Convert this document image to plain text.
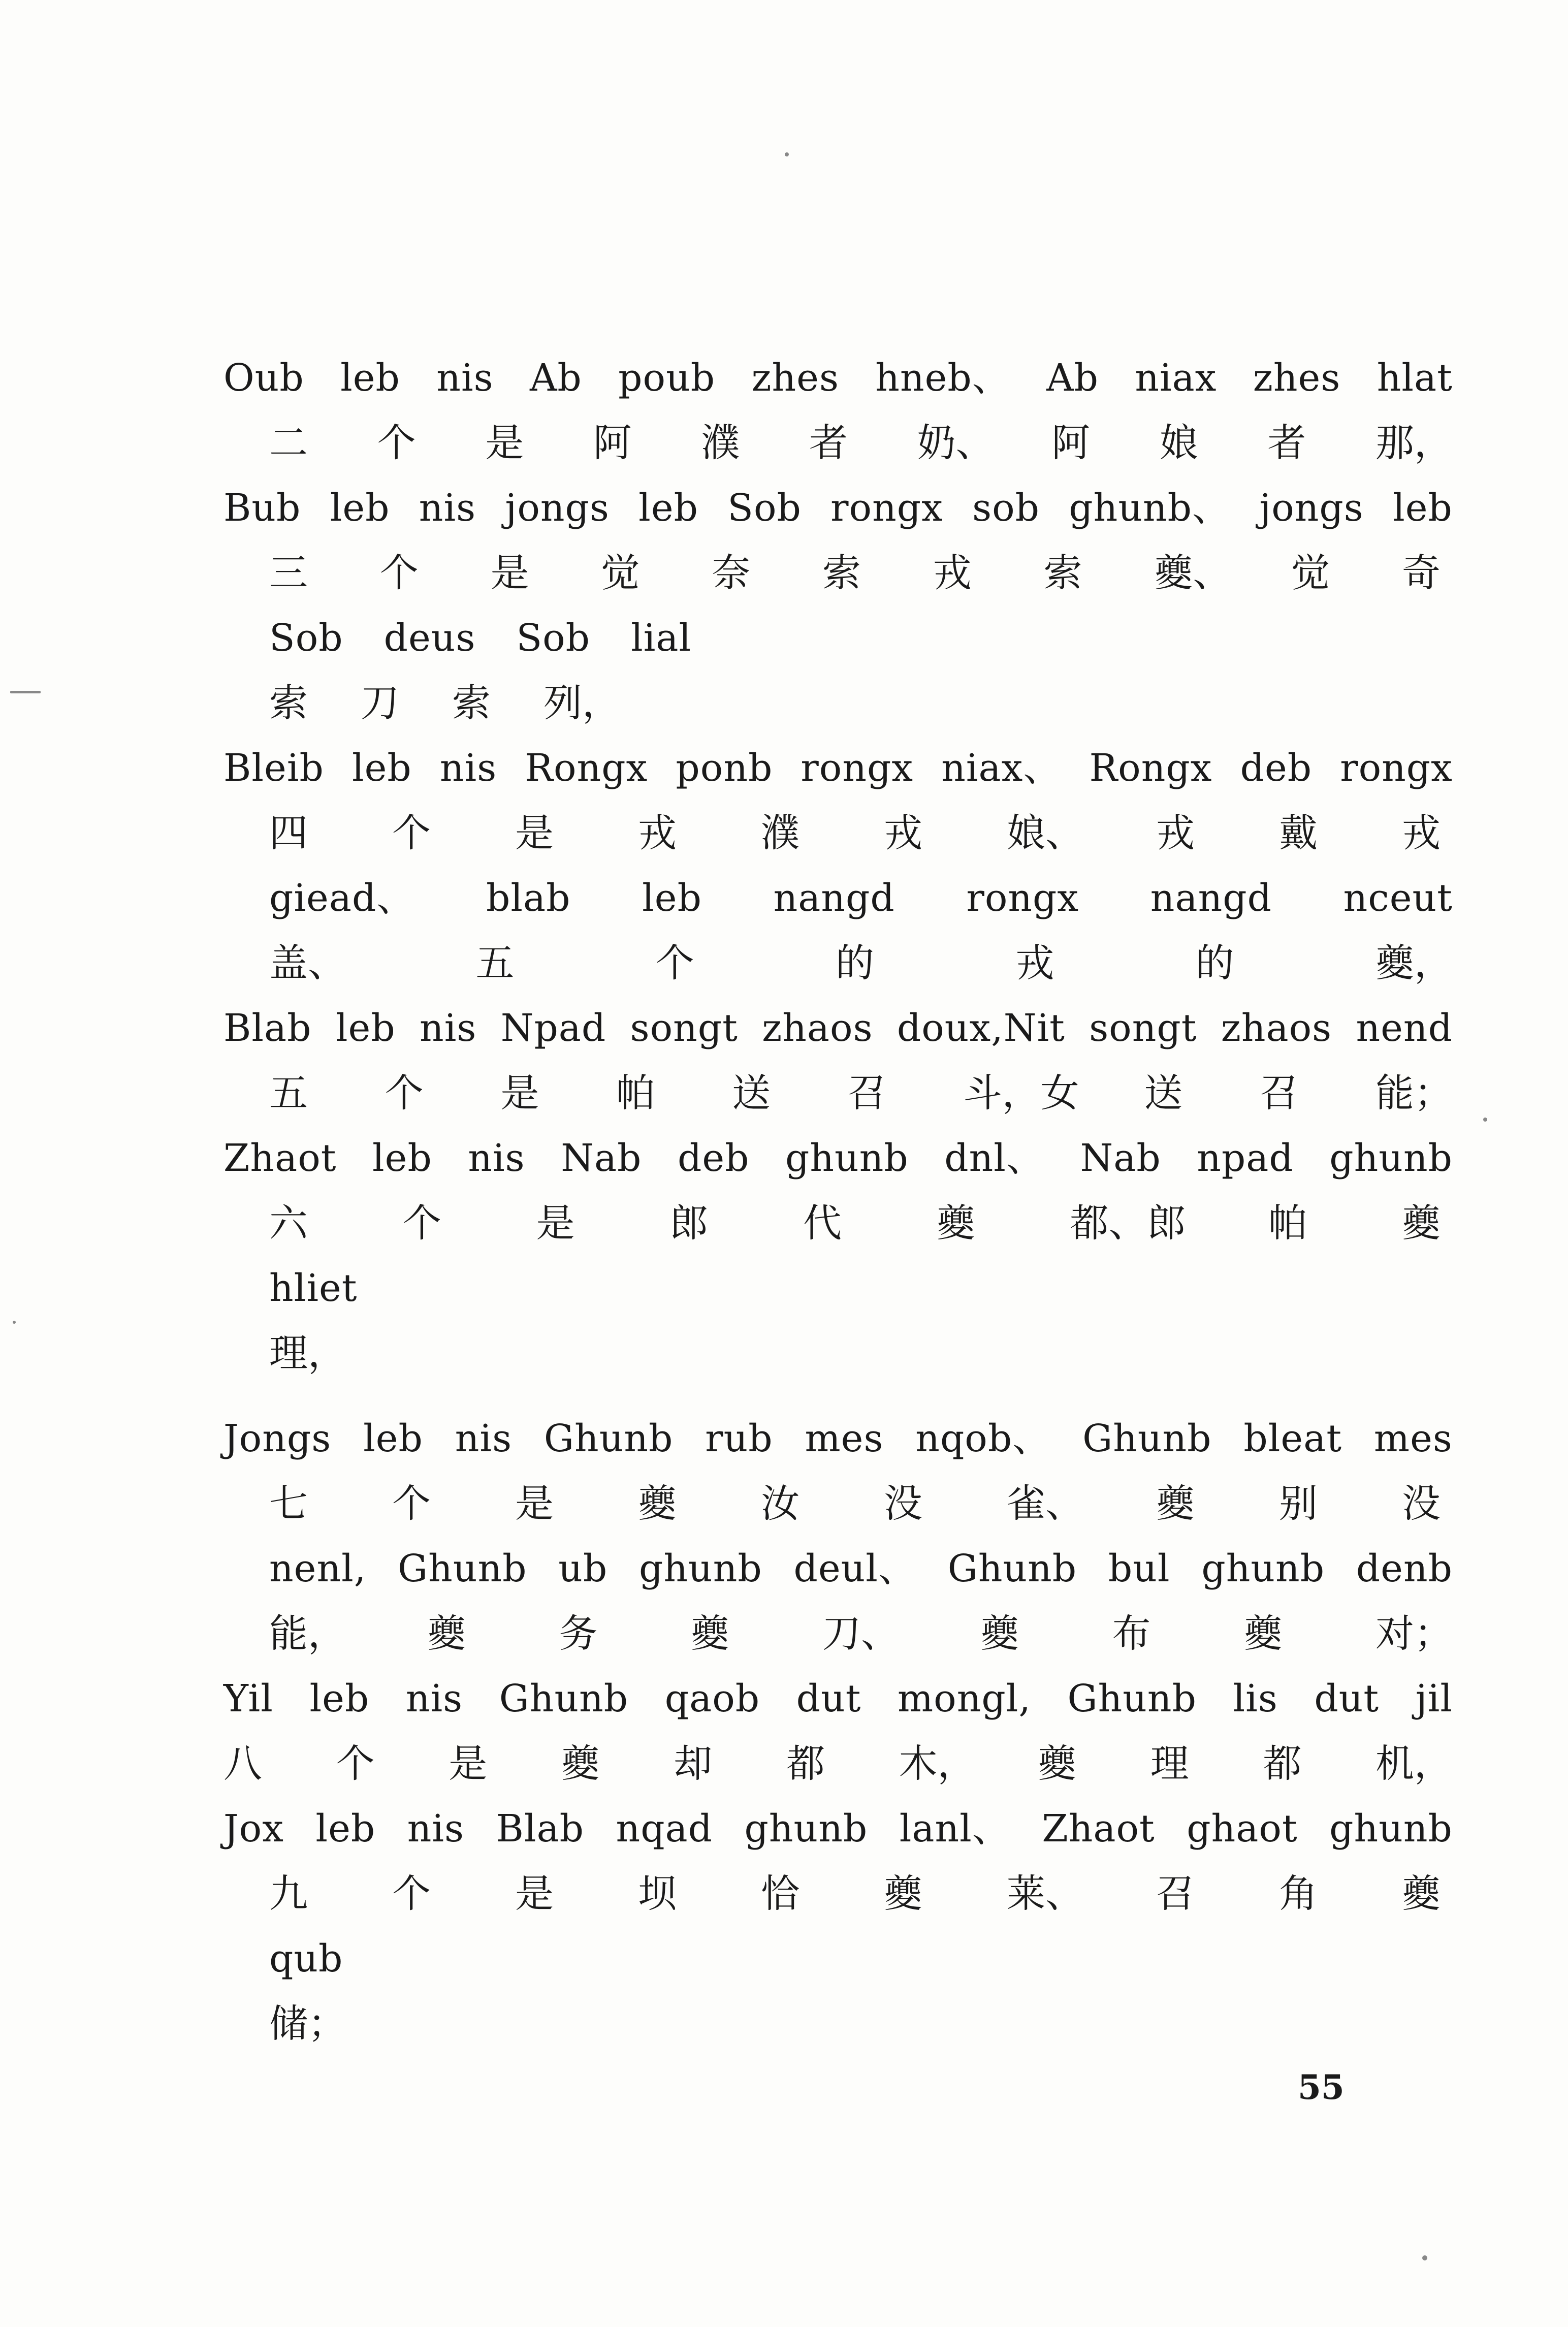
Oub leb nis Ab poub zhes hneb、 Ab niax zhes hlat
二	个	是	阿	濮	者	奶、 阿	娘	者	那，
Bub leb nis jongs leb Sob rongx sob ghunb、 jongs leb
三	个	是	觉	奈	索	戎	索	夔、 觉	奇
Sob deus Sob lial
索	刀	索	列，
Bleib leb nis Rongx ponb rongx niax、 Rongx deb rongx
四	个	是	戎	濮	戎	娘、 戎	戴	戎
giead、 blab leb nangd rongx nangd nceut
盖、	五	个	的	戎	的	夔，
Blab leb nis Npad songt zhaos doux,Nit songt zhaos nend
五	个	是	帕	送	召	斗，女 送	召	能；
Zhaot leb nis Nab deb ghunb dnl、 Nab npad ghunb
六	个	是	郎	代	夔	都、郎 帕	夔
hliet
理，
Jongs leb nis Ghunb rub mes nqob、 Ghunb bleat mes
七	个	是	夔	汝	没	雀、 夔	别	没
nenl, Ghunb ub ghunb deul、 Ghunb bul ghunb denb
能， 夔	务	夔	刀、 夔	布	夔	对；
Yil leb nis Ghunb qaob dut mongl, Ghunb lis dut jil
八	个	是	夔	却	都	木， 夔	理	都	机，
Jox leb nis Blab nqad ghunb lanl、 Zhaot ghaot ghunb
九	个	是	坝	恰	夔	莱、 召	角	夔
qub
储；
55
